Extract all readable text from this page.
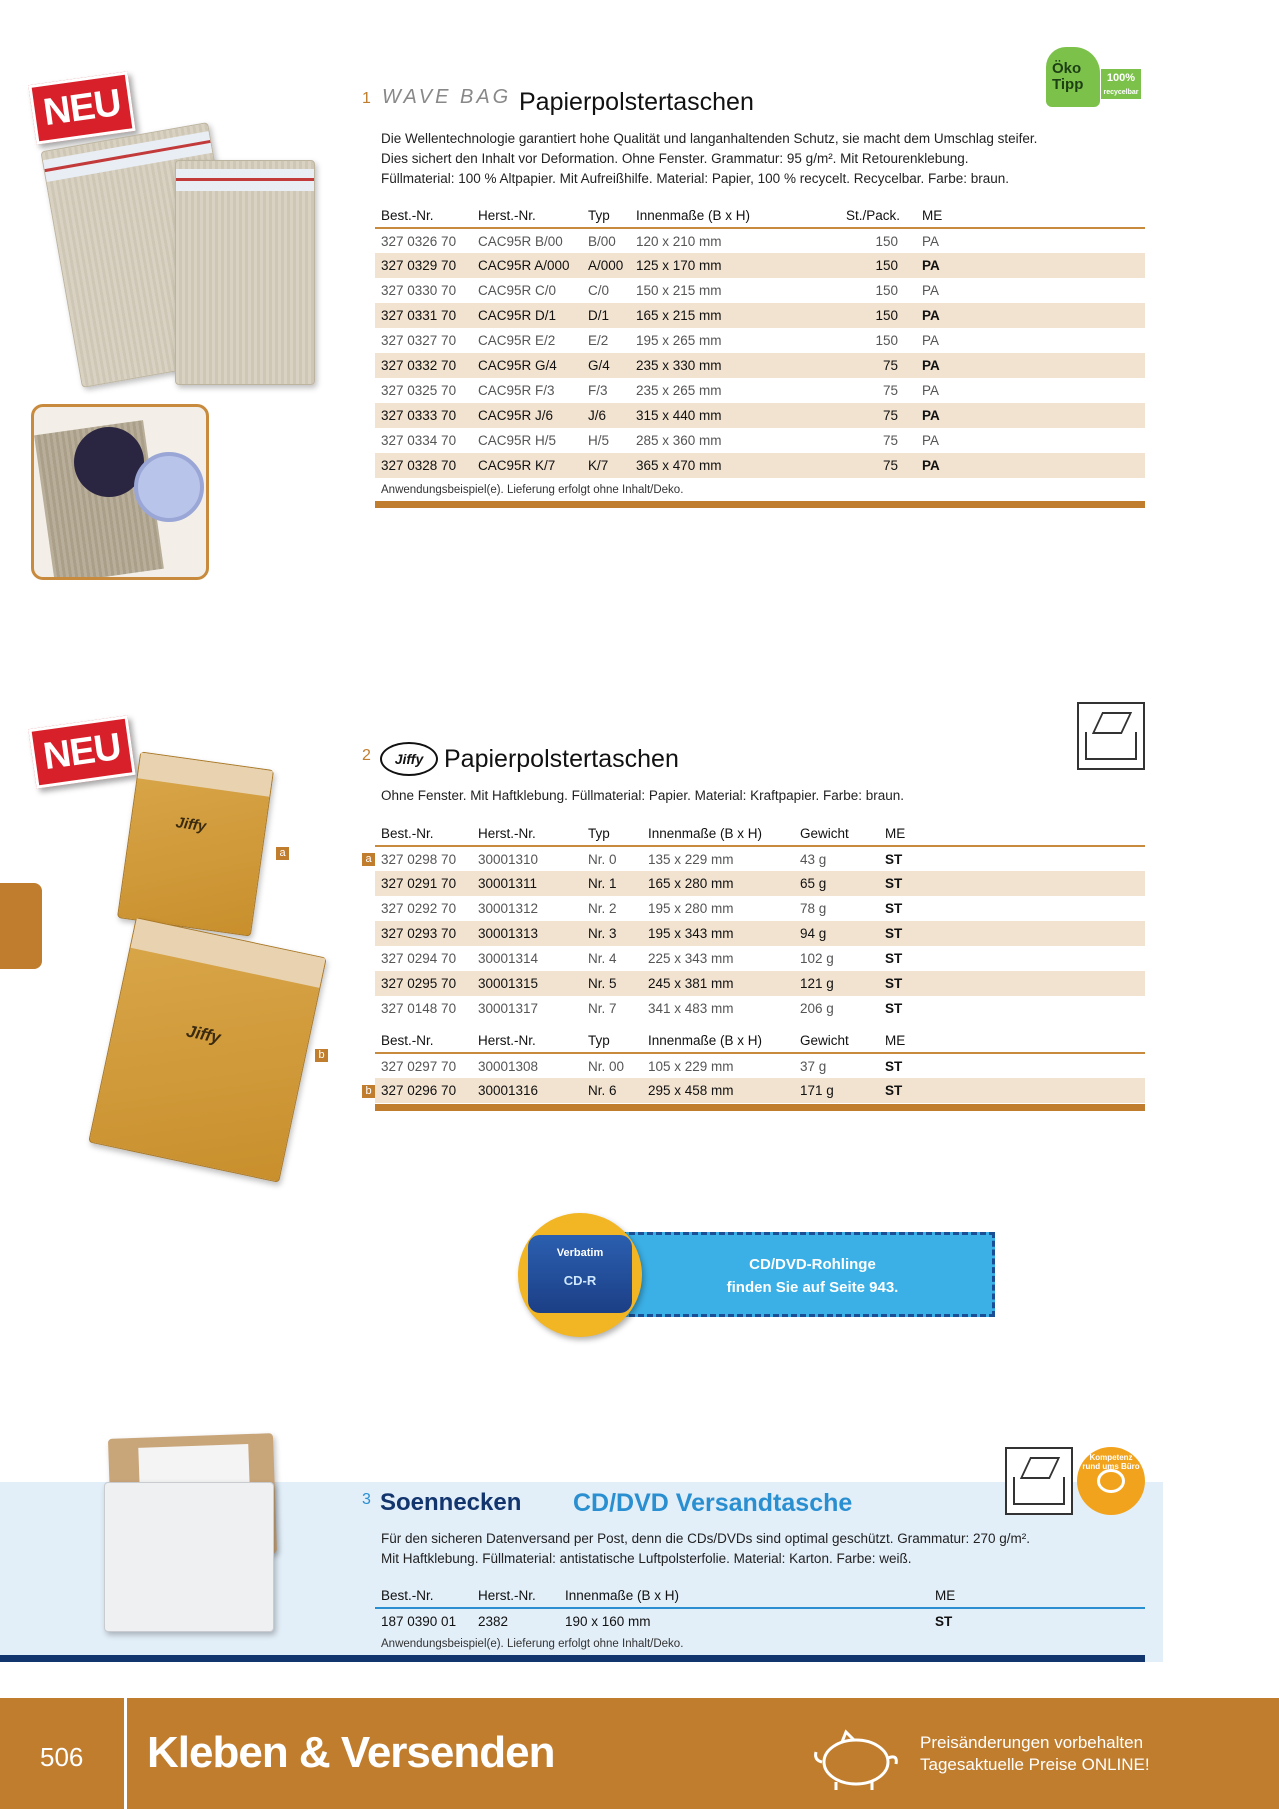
NEU	1 WAVE BAG Papierpolstertaschen
Öko
Tipp	100%
recycelbar
Die Wellentechnologie garantiert hohe Qualität und langanhaltenden Schutz, sie macht dem Umschlag steifer.
Dies sichert den Inhalt vor Deformation. Ohne Fenster. Grammatur: 95 g/m². Mit Retourenklebung.
Füllmaterial: 100 % Altpapier. Mit Aufreißhilfe. Material: Papier, 100 % recycelt. Recycelbar. Farbe: braun.
Best.-Nr.	Herst.-Nr.	Typ	Innenmaße (B x H)	St./Pack.	ME
327 0326 70	CAC95R B/00	B/00	120 x 210 mm	150	PA
327 0329 70	CAC95R A/000	A/000	125 x 170 mm	150	PA
327 0330 70	CAC95R C/0	C/0	150 x 215 mm	150	PA
327 0331 70	CAC95R D/1	D/1	165 x 215 mm	150	PA
327 0327 70	CAC95R E/2	E/2	195 x 265 mm	150	PA
327 0332 70	CAC95R G/4	G/4	235 x 330 mm	75	PA
327 0325 70	CAC95R F/3	F/3	235 x 265 mm	75	PA
327 0333 70	CAC95R J/6	J/6	315 x 440 mm	75	PA
327 0334 70	CAC95R H/5	H/5	285 x 360 mm	75	PA
327 0328 70	CAC95R K/7	K/7	365 x 470 mm	75	PA
Anwendungsbeispiel(e). Lieferung erfolgt ohne Inhalt/Deko.
NEU
Jiffy
a
Jiffy
b
2	Jiffy Papierpolstertaschen
Ohne Fenster. Mit Haftklebung. Füllmaterial: Papier. Material: Kraftpapier. Farbe: braun.
Best.-Nr.	Herst.-Nr.	Typ	Innenmaße (B x H)	Gewicht	ME
327 0298 70	30001310	Nr. 0	135 x 229 mm	43 g	ST
327 0291 70	30001311	Nr. 1	165 x 280 mm	65 g	ST
327 0292 70	30001312	Nr. 2	195 x 280 mm	78 g	ST
327 0293 70	30001313	Nr. 3	195 x 343 mm	94 g	ST
327 0294 70	30001314	Nr. 4	225 x 343 mm	102 g	ST
327 0295 70	30001315	Nr. 5	245 x 381 mm	121 g	ST
327 0148 70	30001317	Nr. 7	341 x 483 mm	206 g	ST
a
Best.-Nr.	Herst.-Nr.	Typ	Innenmaße (B x H)	Gewicht	ME
327 0297 70	30001308	Nr. 00	105 x 229 mm	37 g	ST
327 0296 70	30001316	Nr. 6	295 x 458 mm	171 g	ST
b
CD/DVD-Rohlinge
finden Sie auf Seite 943.
Verbatim
CD-R
3 Soennecken CD/DVD Versandtasche
Kompetenz rund ums Büro
Für den sicheren Datenversand per Post, denn die CDs/DVDs sind optimal geschützt. Grammatur: 270 g/m².
Mit Haftklebung. Füllmaterial: antistatische Luftpolsterfolie. Material: Karton. Farbe: weiß.
Best.-Nr.	Herst.-Nr.	Innenmaße (B x H)	ME
187 0390 01	2382	190 x 160 mm	ST
Anwendungsbeispiel(e). Lieferung erfolgt ohne Inhalt/Deko.
506 Kleben & Versenden	Preisänderungen vorbehalten
Tagesaktuelle Preise ONLINE!
